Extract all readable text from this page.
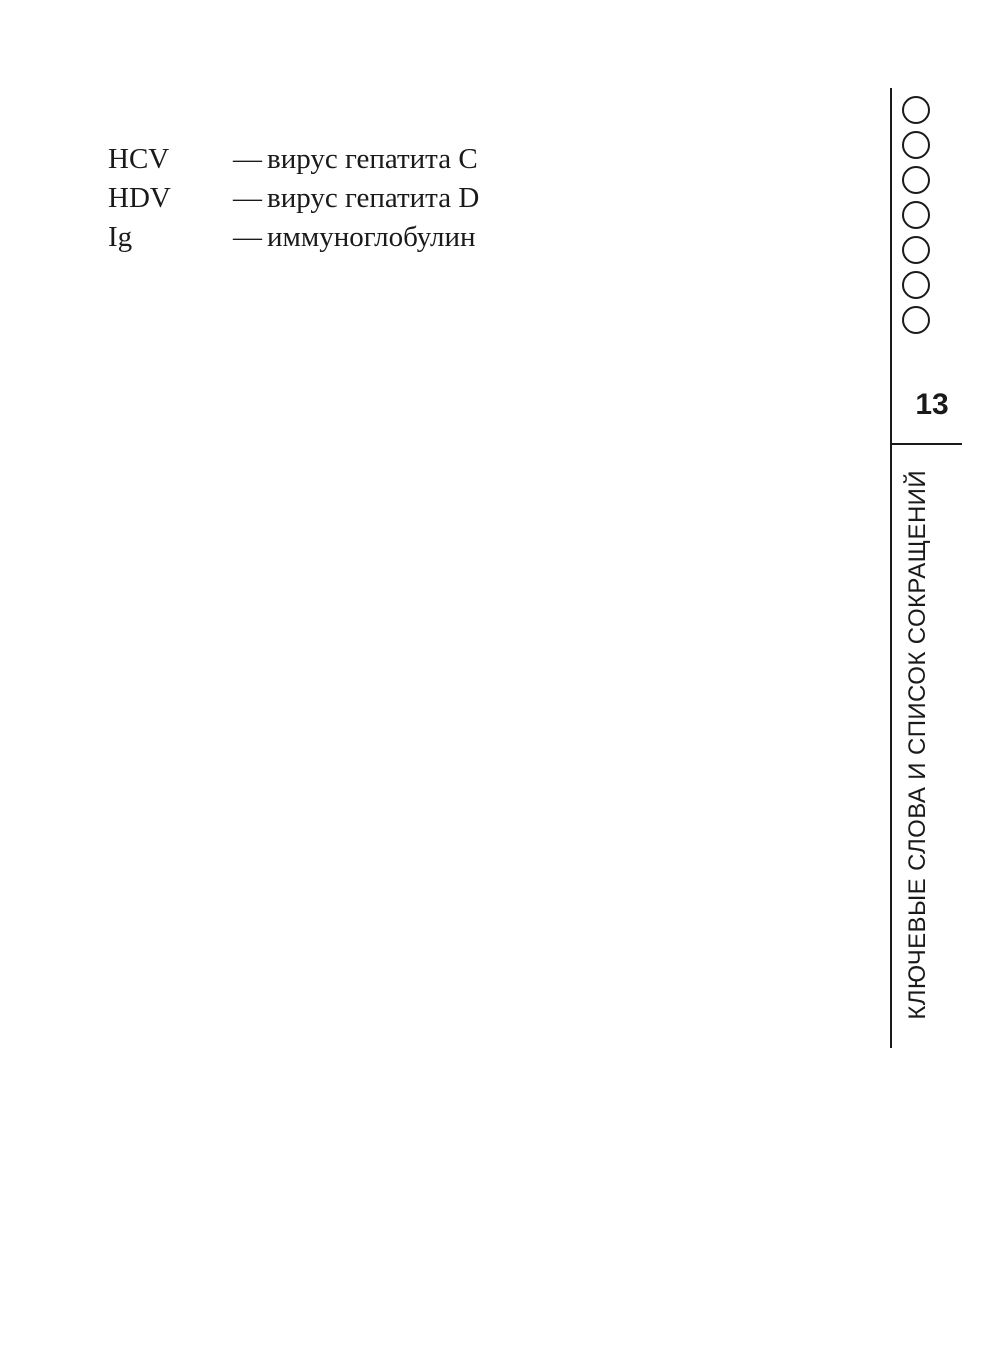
HCV	— вирус гепатита C
HDV	— вирус гепатита D
Ig	— иммуноглобулин
13
КЛЮЧЕВЫЕ СЛОВА И СПИСОК СОКРАЩЕНИЙ
